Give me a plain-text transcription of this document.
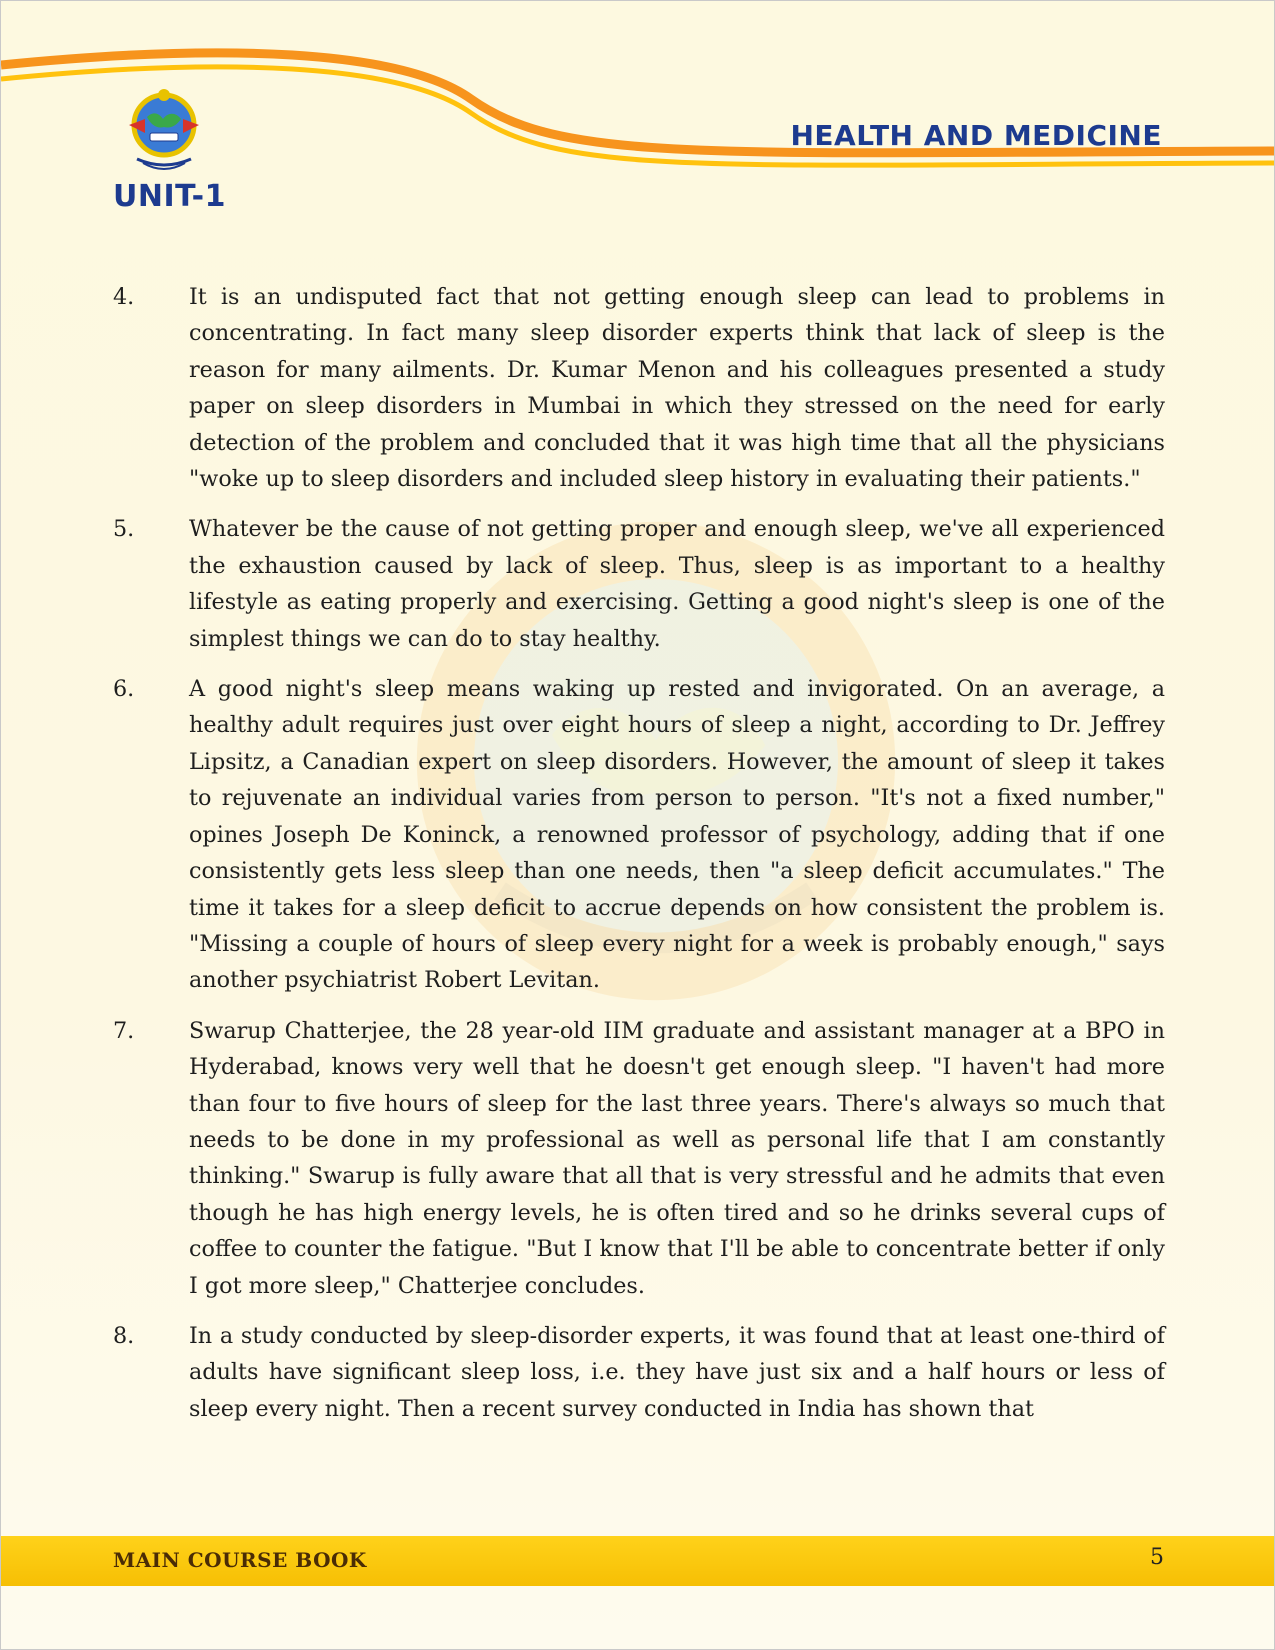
UNIT-1
HEALTH AND MEDICINE
4. It is an undisputed fact that not getting enough sleep can lead to problems in concentrating. In fact many sleep disorder experts think that lack of sleep is the reason for many ailments. Dr. Kumar Menon and his colleagues presented a study paper on sleep disorders in Mumbai in which they stressed on the need for early detection of the problem and concluded that it was high time that all the physicians "woke up to sleep disorders and included sleep history in evaluating their patients."
5. Whatever be the cause of not getting proper and enough sleep, we've all experienced the exhaustion caused by lack of sleep. Thus, sleep is as important to a healthy lifestyle as eating properly and exercising. Getting a good night's sleep is one of the simplest things we can do to stay healthy.
6. A good night's sleep means waking up rested and invigorated. On an average, a healthy adult requires just over eight hours of sleep a night, according to Dr. Jeffrey Lipsitz, a Canadian expert on sleep disorders. However, the amount of sleep it takes to rejuvenate an individual varies from person to person. "It's not a fixed number," opines Joseph De Koninck, a renowned professor of psychology, adding that if one consistently gets less sleep than one needs, then "a sleep deficit accumulates." The time it takes for a sleep deficit to accrue depends on how consistent the problem is. "Missing a couple of hours of sleep every night for a week is probably enough," says another psychiatrist Robert Levitan.
7. Swarup Chatterjee, the 28 year-old IIM graduate and assistant manager at a BPO in Hyderabad, knows very well that he doesn't get enough sleep. "I haven't had more than four to five hours of sleep for the last three years. There's always so much that needs to be done in my professional as well as personal life that I am constantly thinking." Swarup is fully aware that all that is very stressful and he admits that even though he has high energy levels, he is often tired and so he drinks several cups of coffee to counter the fatigue. "But I know that I'll be able to concentrate better if only I got more sleep," Chatterjee concludes.
8. In a study conducted by sleep-disorder experts, it was found that at least one-third of adults have significant sleep loss, i.e. they have just six and a half hours or less of sleep every night. Then a recent survey conducted in India has shown that

MAIN COURSE BOOK	5
